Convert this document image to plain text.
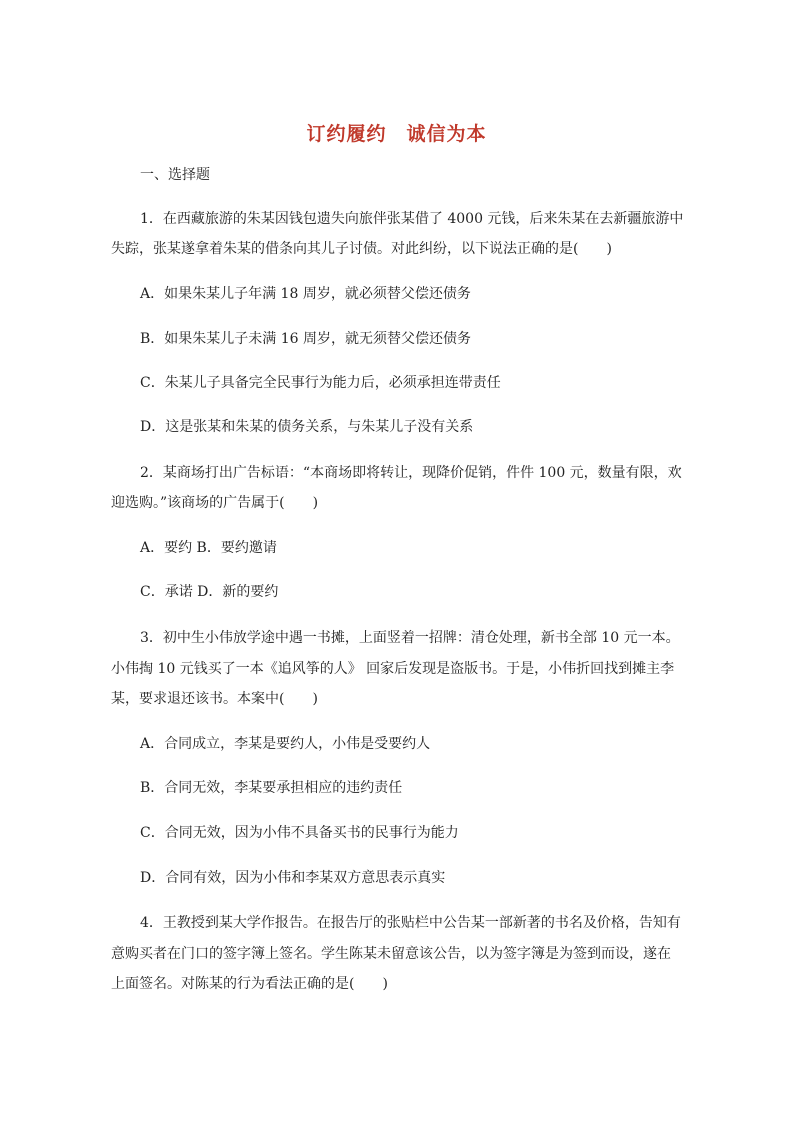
订约履约　诚信为本
一、选择题
1．在西藏旅游的朱某因钱包遗失向旅伴张某借了 4000 元钱，后来朱某在去新疆旅游中
失踪，张某遂拿着朱某的借条向其儿子讨债。对此纠纷，以下说法正确的是(　　)
A．如果朱某儿子年满 18 周岁，就必须替父偿还债务
B．如果朱某儿子未满 16 周岁，就无须替父偿还债务
C．朱某儿子具备完全民事行为能力后，必须承担连带责任
D．这是张某和朱某的债务关系，与朱某儿子没有关系
2．某商场打出广告标语：“本商场即将转让，现降价促销，件件 100 元，数量有限，欢
迎选购。”该商场的广告属于(　　)
A．要约 B．要约邀请
C．承诺 D．新的要约
3．初中生小伟放学途中遇一书摊，上面竖着一招牌：清仓处理，新书全部 10 元一本。
小伟掏 10 元钱买了一本《追风筝的人》 回家后发现是盗版书。于是，小伟折回找到摊主李
某，要求退还该书。本案中(　　)
A．合同成立，李某是要约人，小伟是受要约人
B．合同无效，李某要承担相应的违约责任
C．合同无效，因为小伟不具备买书的民事行为能力
D．合同有效，因为小伟和李某双方意思表示真实
4．王教授到某大学作报告。在报告厅的张贴栏中公告某一部新著的书名及价格，告知有
意购买者在门口的签字簿上签名。学生陈某未留意该公告，以为签字簿是为签到而设，遂在
上面签名。对陈某的行为看法正确的是(　　)
